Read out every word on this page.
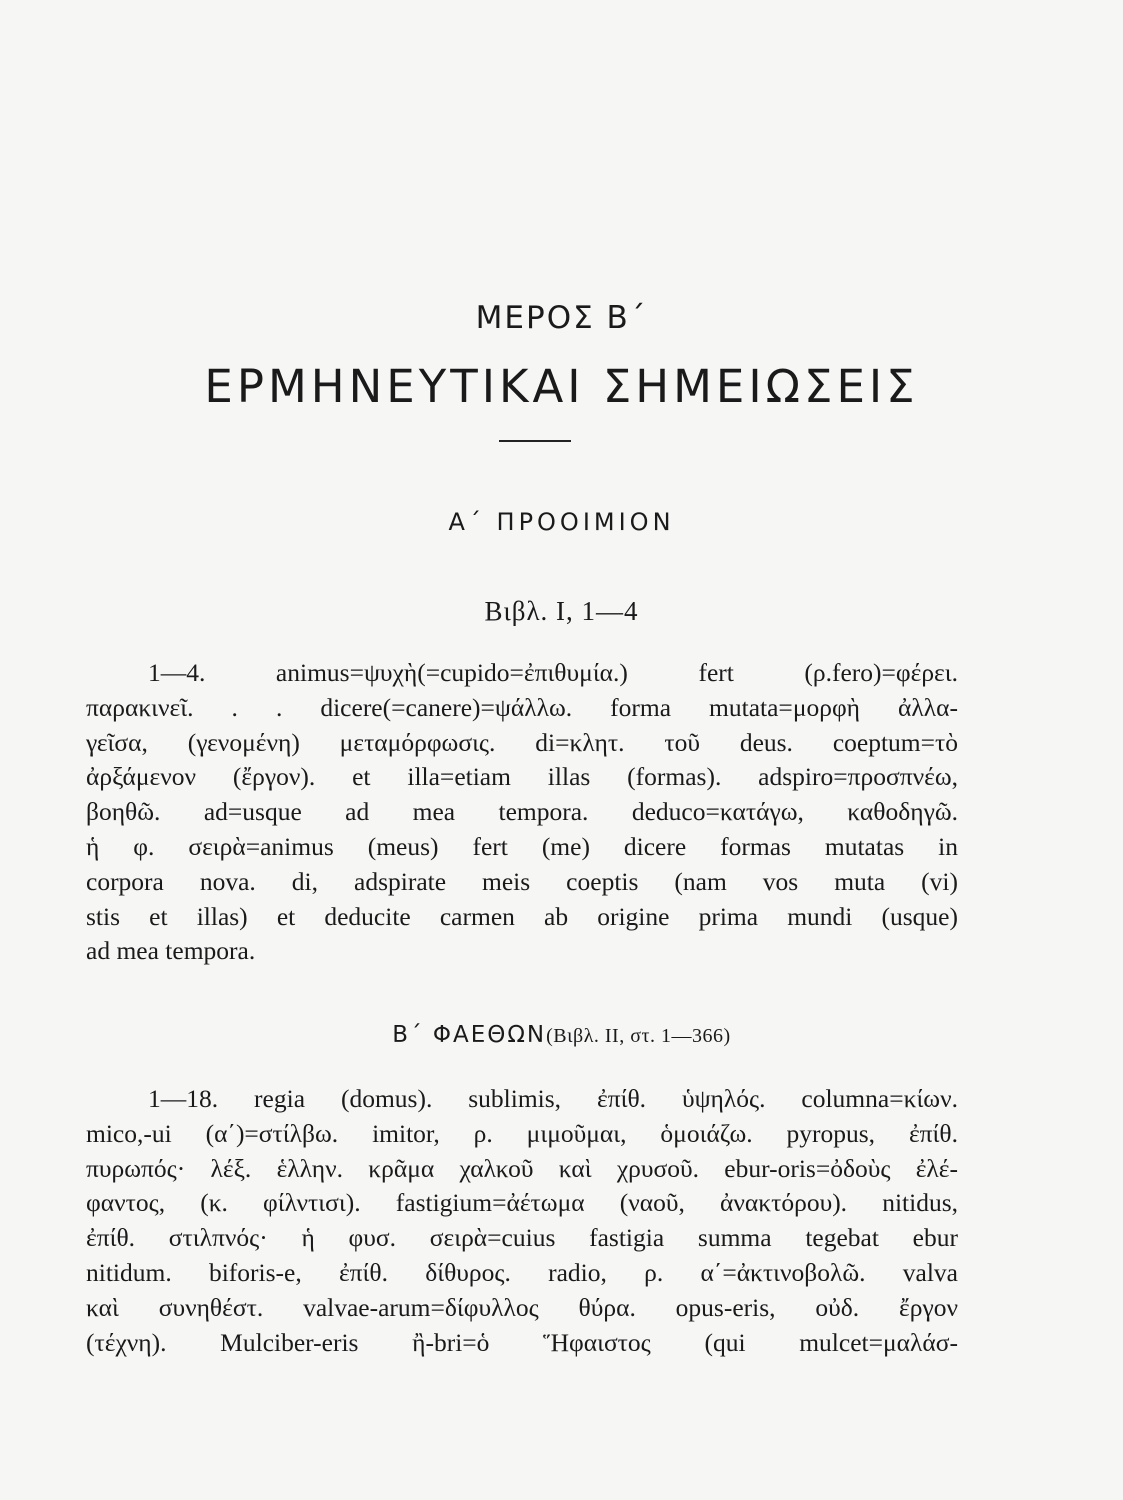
ΜΕΡΟΣ Β΄
ΕΡΜΗΝΕΥΤΙΚΑΙ ΣΗΜΕΙΩΣΕΙΣ
Α΄ ΠΡΟΟΙΜΙΟΝ
Βιβλ. Ι, 1—4
1—4. animus=ψυχὴ(=cupido=ἐπιθυμία.) fert (ρ.fero)=φέρει.
παρακινεῖ. . . dicere(=canere)=ψάλλω. forma mutata=μορφὴ ἀλλα-
γεῖσα, (γενομένη) μεταμόρφωσις. di=κλητ. τοῦ deus. coeptum=τὸ
ἀρξάμενον (ἔργον). et illa=etiam illas (formas). adspiro=προσπνέω,
βοηθῶ. ad=usque ad mea tempora. deduco=κατάγω, καθοδηγῶ.
ἡ φ. σειρὰ=animus (meus) fert (me) dicere formas mutatas in
corpora nova. di, adspirate meis coeptis (nam vos muta (vi)
stis et illas) et deducite carmen ab origine prima mundi (usque)
ad mea tempora.
Β΄ ΦΑΕΘΩΝ(Βιβλ. ΙΙ, στ. 1—366)
1—18. regia (domus). sublimis, ἐπίθ. ὑψηλός. columna=κίων.
mico,-ui (α΄)=στίλβω. imitor, ρ. μιμοῦμαι, ὁμοιάζω. pyropus, ἐπίθ.
πυρωπός· λέξ. ἑλλην. κρᾶμα χαλκοῦ καὶ χρυσοῦ. ebur-oris=ὀδοὺς ἐλέ-
φαντος, (κ. φίλντισι). fastigium=ἀέτωμα (ναοῦ, ἀνακτόρου). nitidus,
ἐπίθ. στιλπνός· ἡ φυσ. σειρὰ=cuius fastigia summa tegebat ebur
nitidum. biforis-e, ἐπίθ. δίθυρος. radio, ρ. α΄=ἀκτινοβολῶ. valva
καὶ συνηθέστ. valvae-arum=δίφυλλος θύρα. opus-eris, οὐδ. ἔργον
(τέχνη). Mulciber-eris ἢ-bri=ὁ Ἥφαιστος (qui mulcet=μαλάσ-
